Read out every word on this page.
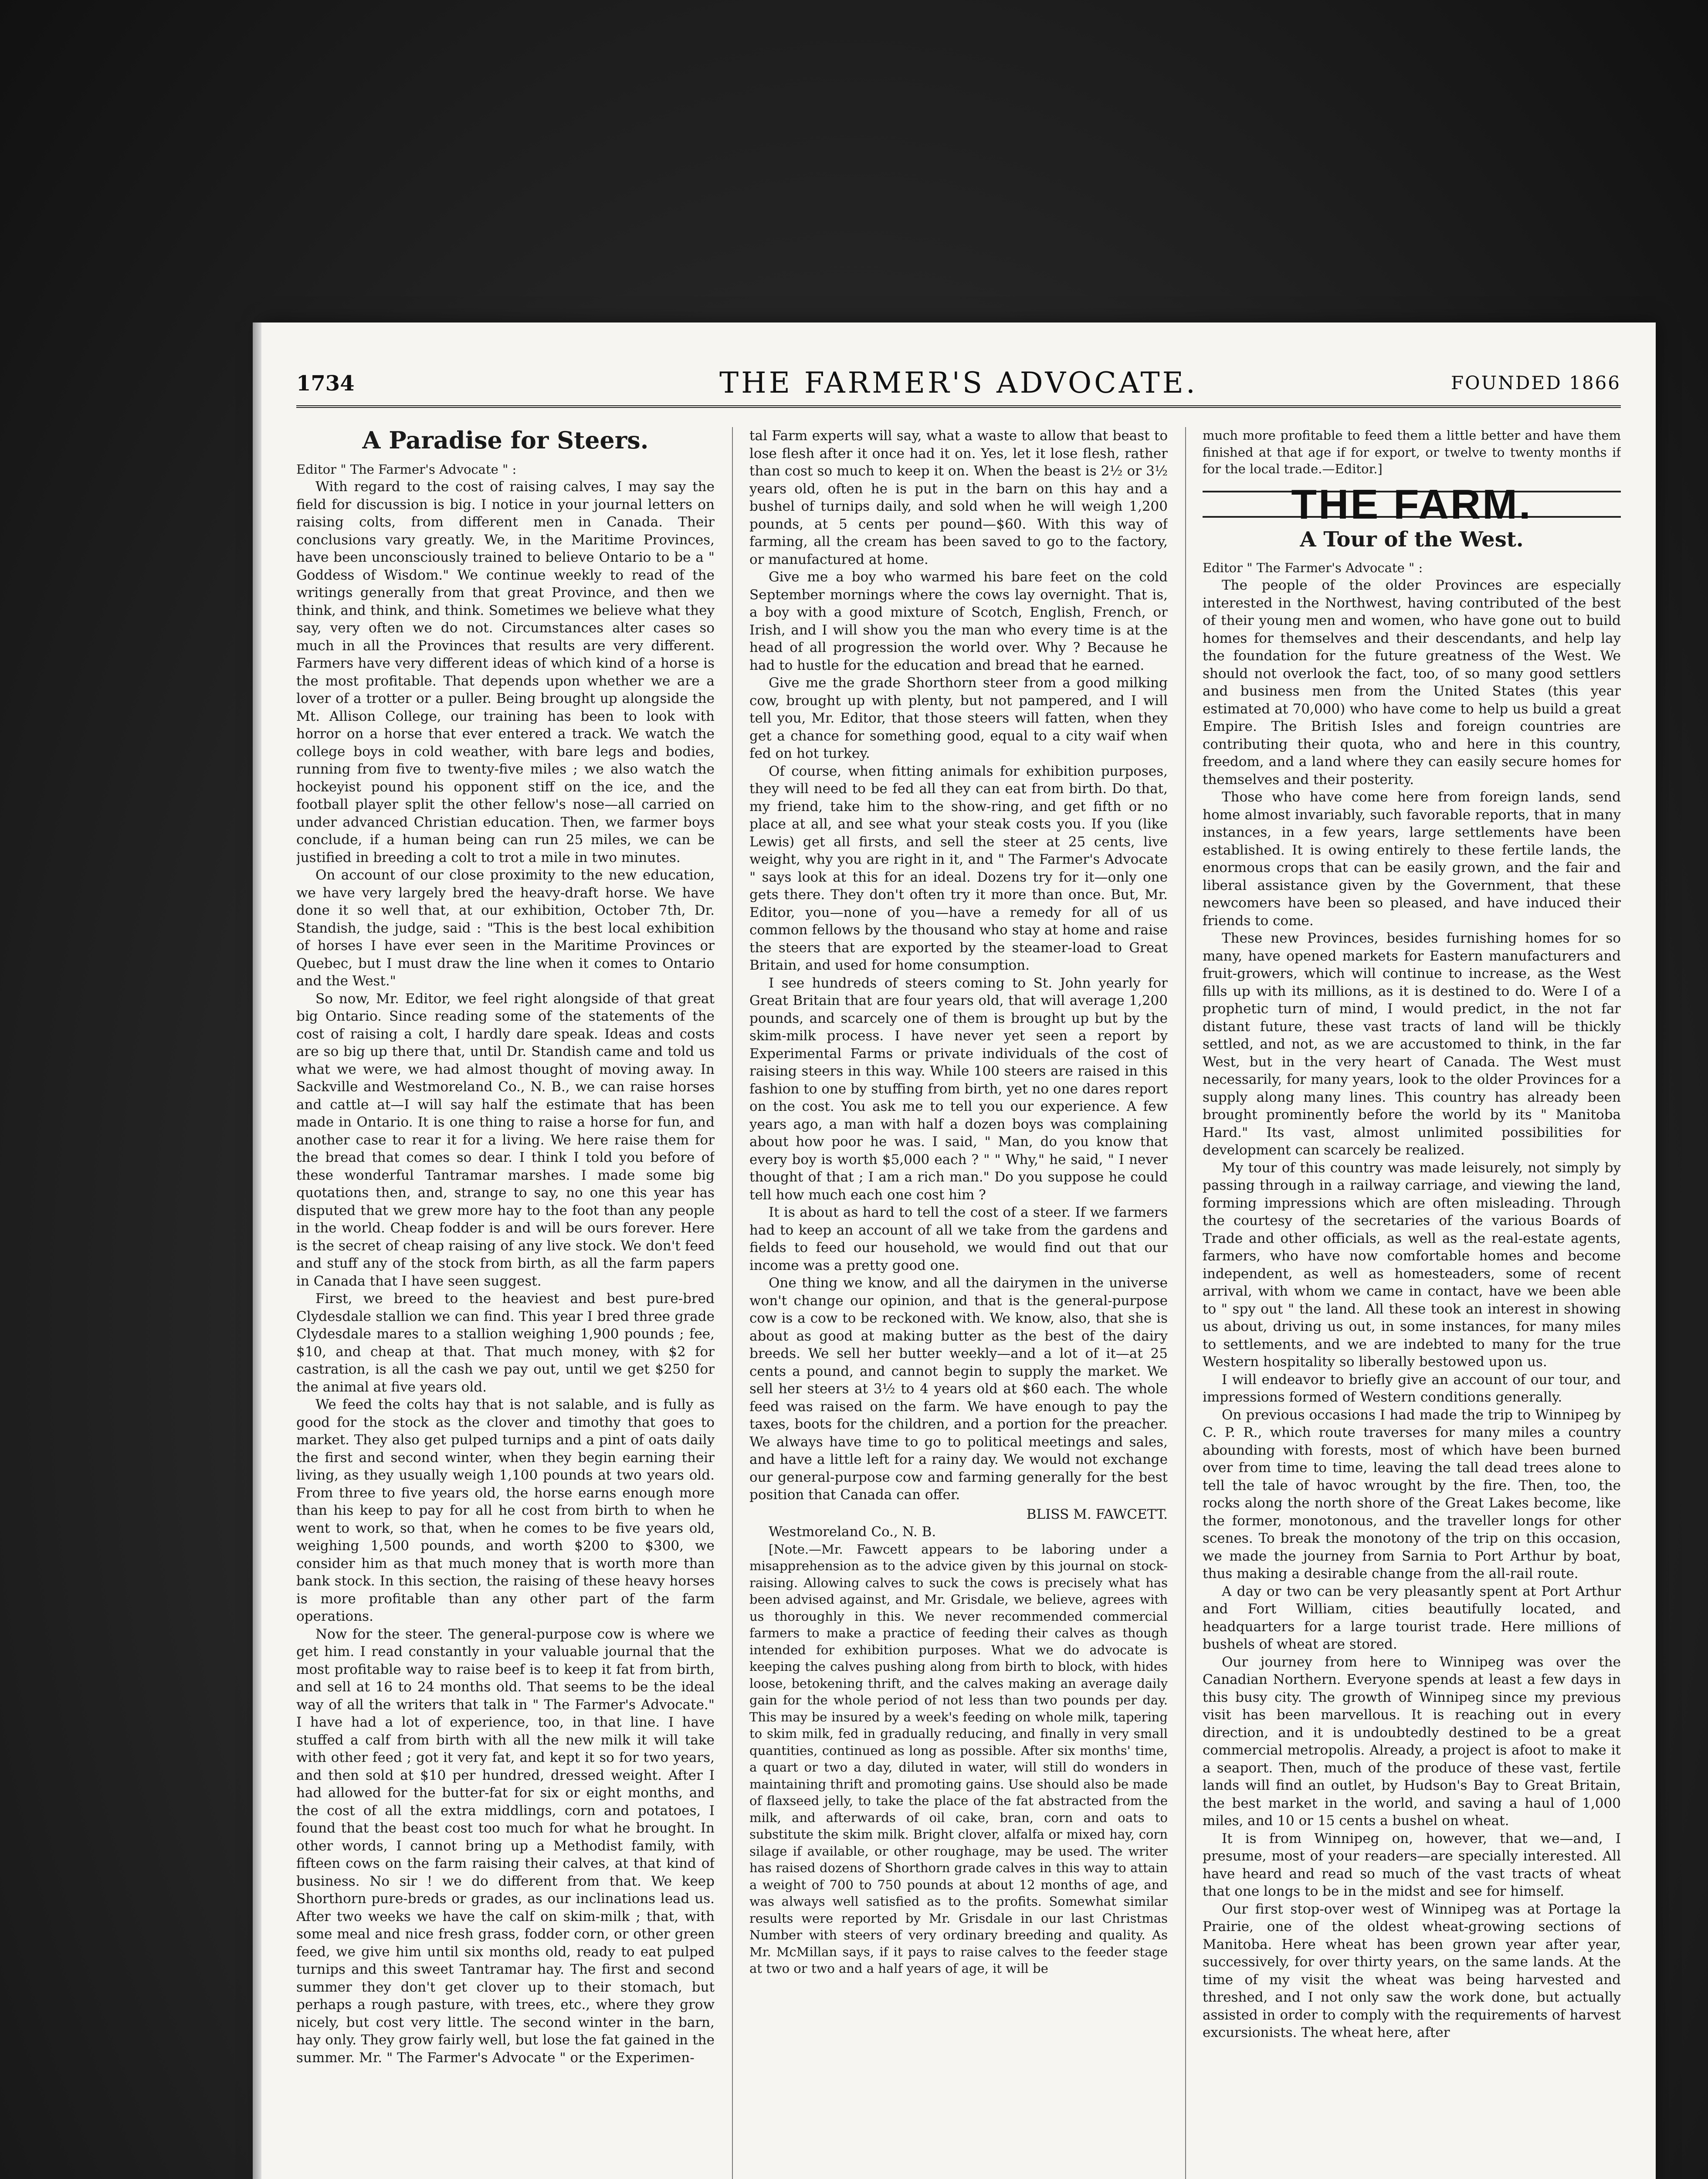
1734	THE FARMER'S ADVOCATE.	FOUNDED 1866
A Paradise for Steers.

Editor " The Farmer's Advocate " :

With regard to the cost of raising calves, I may say the field for discussion is big. I notice in your journal letters on raising colts, from different men in Canada. Their conclusions vary greatly. We, in the Maritime Provinces, have been unconsciously trained to believe Ontario to be a " Goddess of Wisdom." We continue weekly to read of the writings generally from that great Province, and then we think, and think, and think. Sometimes we believe what they say, very often we do not. Circumstances alter cases so much in all the Provinces that results are very different. Farmers have very different ideas of which kind of a horse is the most profitable. That depends upon whether we are a lover of a trotter or a puller. Being brought up alongside the Mt. Allison College, our training has been to look with horror on a horse that ever entered a track. We watch the college boys in cold weather, with bare legs and bodies, running from five to twenty-five miles ; we also watch the hockeyist pound his opponent stiff on the ice, and the football player split the other fellow's nose—all carried on under advanced Christian education. Then, we farmer boys conclude, if a human being can run 25 miles, we can be justified in breeding a colt to trot a mile in two minutes.

On account of our close proximity to the new education, we have very largely bred the heavy-draft horse. We have done it so well that, at our exhibition, October 7th, Dr. Standish, the judge, said : "This is the best local exhibition of horses I have ever seen in the Maritime Provinces or Quebec, but I must draw the line when it comes to Ontario and the West."

So now, Mr. Editor, we feel right alongside of that great big Ontario. Since reading some of the statements of the cost of raising a colt, I hardly dare speak. Ideas and costs are so big up there that, until Dr. Standish came and told us what we were, we had almost thought of moving away. In Sackville and Westmoreland Co., N. B., we can raise horses and cattle at—I will say half the estimate that has been made in Ontario. It is one thing to raise a horse for fun, and another case to rear it for a living. We here raise them for the bread that comes so dear. I think I told you before of these wonderful Tantramar marshes. I made some big quotations then, and, strange to say, no one this year has disputed that we grew more hay to the foot than any people in the world. Cheap fodder is and will be ours forever. Here is the secret of cheap raising of any live stock. We don't feed and stuff any of the stock from birth, as all the farm papers in Canada that I have seen suggest.

First, we breed to the heaviest and best pure-bred Clydesdale stallion we can find. This year I bred three grade Clydesdale mares to a stallion weighing 1,900 pounds ; fee, $10, and cheap at that. That much money, with $2 for castration, is all the cash we pay out, until we get $250 for the animal at five years old.

We feed the colts hay that is not salable, and is fully as good for the stock as the clover and timothy that goes to market. They also get pulped turnips and a pint of oats daily the first and second winter, when they begin earning their living, as they usually weigh 1,100 pounds at two years old. From three to five years old, the horse earns enough more than his keep to pay for all he cost from birth to when he went to work, so that, when he comes to be five years old, weighing 1,500 pounds, and worth $200 to $300, we consider him as that much money that is worth more than bank stock. In this section, the raising of these heavy horses is more profitable than any other part of the farm operations.

Now for the steer. The general-purpose cow is where we get him. I read constantly in your valuable journal that the most profitable way to raise beef is to keep it fat from birth, and sell at 16 to 24 months old. That seems to be the ideal way of all the writers that talk in " The Farmer's Advocate." I have had a lot of experience, too, in that line. I have stuffed a calf from birth with all the new milk it will take with other feed ; got it very fat, and kept it so for two years, and then sold at $10 per hundred, dressed weight. After I had allowed for the butter-fat for six or eight months, and the cost of all the extra middlings, corn and potatoes, I found that the beast cost too much for what he brought. In other words, I cannot bring up a Methodist family, with fifteen cows on the farm raising their calves, at that kind of business. No sir ! we do different from that. We keep Shorthorn pure-breds or grades, as our inclinations lead us. After two weeks we have the calf on skim-milk ; that, with some meal and nice fresh grass, fodder corn, or other green feed, we give him until six months old, ready to eat pulped turnips and this sweet Tantramar hay. The first and second summer they don't get clover up to their stomach, but perhaps a rough pasture, with trees, etc., where they grow nicely, but cost very little. The second winter in the barn, hay only. They grow fairly well, but lose the fat gained in the summer. Mr. " The Farmer's Advocate " or the Experimen-

tal Farm experts will say, what a waste to allow that beast to lose flesh after it once had it on. Yes, let it lose flesh, rather than cost so much to keep it on. When the beast is 2½ or 3½ years old, often he is put in the barn on this hay and a bushel of turnips daily, and sold when he will weigh 1,200 pounds, at 5 cents per pound—$60. With this way of farming, all the cream has been saved to go to the factory, or manufactured at home.

Give me a boy who warmed his bare feet on the cold September mornings where the cows lay overnight. That is, a boy with a good mixture of Scotch, English, French, or Irish, and I will show you the man who every time is at the head of all progression the world over. Why ? Because he had to hustle for the education and bread that he earned.

Give me the grade Shorthorn steer from a good milking cow, brought up with plenty, but not pampered, and I will tell you, Mr. Editor, that those steers will fatten, when they get a chance for something good, equal to a city waif when fed on hot turkey.

Of course, when fitting animals for exhibition purposes, they will need to be fed all they can eat from birth. Do that, my friend, take him to the show-ring, and get fifth or no place at all, and see what your steak costs you. If you (like Lewis) get all firsts, and sell the steer at 25 cents, live weight, why you are right in it, and " The Farmer's Advocate " says look at this for an ideal. Dozens try for it—only one gets there. They don't often try it more than once. But, Mr. Editor, you—none of you—have a remedy for all of us common fellows by the thousand who stay at home and raise the steers that are exported by the steamer-load to Great Britain, and used for home consumption.

I see hundreds of steers coming to St. John yearly for Great Britain that are four years old, that will average 1,200 pounds, and scarcely one of them is brought up but by the skim-milk process. I have never yet seen a report by Experimental Farms or private individuals of the cost of raising steers in this way. While 100 steers are raised in this fashion to one by stuffing from birth, yet no one dares report on the cost. You ask me to tell you our experience. A few years ago, a man with half a dozen boys was complaining about how poor he was. I said, " Man, do you know that every boy is worth $5,000 each ? " " Why," he said, " I never thought of that ; I am a rich man." Do you suppose he could tell how much each one cost him ?

It is about as hard to tell the cost of a steer. If we farmers had to keep an account of all we take from the gardens and fields to feed our household, we would find out that our income was a pretty good one.

One thing we know, and all the dairymen in the universe won't change our opinion, and that is the general-purpose cow is a cow to be reckoned with. We know, also, that she is about as good at making butter as the best of the dairy breeds. We sell her butter weekly—and a lot of it—at 25 cents a pound, and cannot begin to supply the market. We sell her steers at 3½ to 4 years old at $60 each. The whole feed was raised on the farm. We have enough to pay the taxes, boots for the children, and a portion for the preacher. We always have time to go to political meetings and sales, and have a little left for a rainy day. We would not exchange our general-purpose cow and farming generally for the best position that Canada can offer.

BLISS M. FAWCETT.

Westmoreland Co., N. B.

[Note.—Mr. Fawcett appears to be laboring under a misapprehension as to the advice given by this journal on stock-raising. Allowing calves to suck the cows is precisely what has been advised against, and Mr. Grisdale, we believe, agrees with us thoroughly in this. We never recommended commercial farmers to make a practice of feeding their calves as though intended for exhibition purposes. What we do advocate is keeping the calves pushing along from birth to block, with hides loose, betokening thrift, and the calves making an average daily gain for the whole period of not less than two pounds per day. This may be insured by a week's feeding on whole milk, tapering to skim milk, fed in gradually reducing, and finally in very small quantities, continued as long as possible. After six months' time, a quart or two a day, diluted in water, will still do wonders in maintaining thrift and promoting gains. Use should also be made of flaxseed jelly, to take the place of the fat abstracted from the milk, and afterwards of oil cake, bran, corn and oats to substitute the skim milk. Bright clover, alfalfa or mixed hay, corn silage if available, or other roughage, may be used. The writer has raised dozens of Shorthorn grade calves in this way to attain a weight of 700 to 750 pounds at about 12 months of age, and was always well satisfied as to the profits. Somewhat similar results were reported by Mr. Grisdale in our last Christmas Number with steers of very ordinary breeding and quality. As Mr. McMillan says, if it pays to raise calves to the feeder stage at two or two and a half years of age, it will be

much more profitable to feed them a little better and have them finished at that age if for export, or twelve to twenty months if for the local trade.—Editor.]

THE FARM.
A Tour of the West.

Editor " The Farmer's Advocate " :

The people of the older Provinces are especially interested in the Northwest, having contributed of the best of their young men and women, who have gone out to build homes for themselves and their descendants, and help lay the foundation for the future greatness of the West. We should not overlook the fact, too, of so many good settlers and business men from the United States (this year estimated at 70,000) who have come to help us build a great Empire. The British Isles and foreign countries are contributing their quota, who and here in this country, freedom, and a land where they can easily secure homes for themselves and their posterity.

Those who have come here from foreign lands, send home almost invariably, such favorable reports, that in many instances, in a few years, large settlements have been established. It is owing entirely to these fertile lands, the enormous crops that can be easily grown, and the fair and liberal assistance given by the Government, that these newcomers have been so pleased, and have induced their friends to come.

These new Provinces, besides furnishing homes for so many, have opened markets for Eastern manufacturers and fruit-growers, which will continue to increase, as the West fills up with its millions, as it is destined to do. Were I of a prophetic turn of mind, I would predict, in the not far distant future, these vast tracts of land will be thickly settled, and not, as we are accustomed to think, in the far West, but in the very heart of Canada. The West must necessarily, for many years, look to the older Provinces for a supply along many lines. This country has already been brought prominently before the world by its " Manitoba Hard." Its vast, almost unlimited possibilities for development can scarcely be realized.

My tour of this country was made leisurely, not simply by passing through in a railway carriage, and viewing the land, forming impressions which are often misleading. Through the courtesy of the secretaries of the various Boards of Trade and other officials, as well as the real-estate agents, farmers, who have now comfortable homes and become independent, as well as homesteaders, some of recent arrival, with whom we came in contact, have we been able to " spy out " the land. All these took an interest in showing us about, driving us out, in some instances, for many miles to settlements, and we are indebted to many for the true Western hospitality so liberally bestowed upon us.

I will endeavor to briefly give an account of our tour, and impressions formed of Western conditions generally.

On previous occasions I had made the trip to Winnipeg by C. P. R., which route traverses for many miles a country abounding with forests, most of which have been burned over from time to time, leaving the tall dead trees alone to tell the tale of havoc wrought by the fire. Then, too, the rocks along the north shore of the Great Lakes become, like the former, monotonous, and the traveller longs for other scenes. To break the monotony of the trip on this occasion, we made the journey from Sarnia to Port Arthur by boat, thus making a desirable change from the all-rail route.

A day or two can be very pleasantly spent at Port Arthur and Fort William, cities beautifully located, and headquarters for a large tourist trade. Here millions of bushels of wheat are stored.

Our journey from here to Winnipeg was over the Canadian Northern. Everyone spends at least a few days in this busy city. The growth of Winnipeg since my previous visit has been marvellous. It is reaching out in every direction, and it is undoubtedly destined to be a great commercial metropolis. Already, a project is afoot to make it a seaport. Then, much of the produce of these vast, fertile lands will find an outlet, by Hudson's Bay to Great Britain, the best market in the world, and saving a haul of 1,000 miles, and 10 or 15 cents a bushel on wheat.

It is from Winnipeg on, however, that we—and, I presume, most of your readers—are specially interested. All have heard and read so much of the vast tracts of wheat that one longs to be in the midst and see for himself.

Our first stop-over west of Winnipeg was at Portage la Prairie, one of the oldest wheat-growing sections of Manitoba. Here wheat has been grown year after year, successively, for over thirty years, on the same lands. At the time of my visit the wheat was being harvested and threshed, and I not only saw the work done, but actually assisted in order to comply with the requirements of harvest excursionists. The wheat here, after
